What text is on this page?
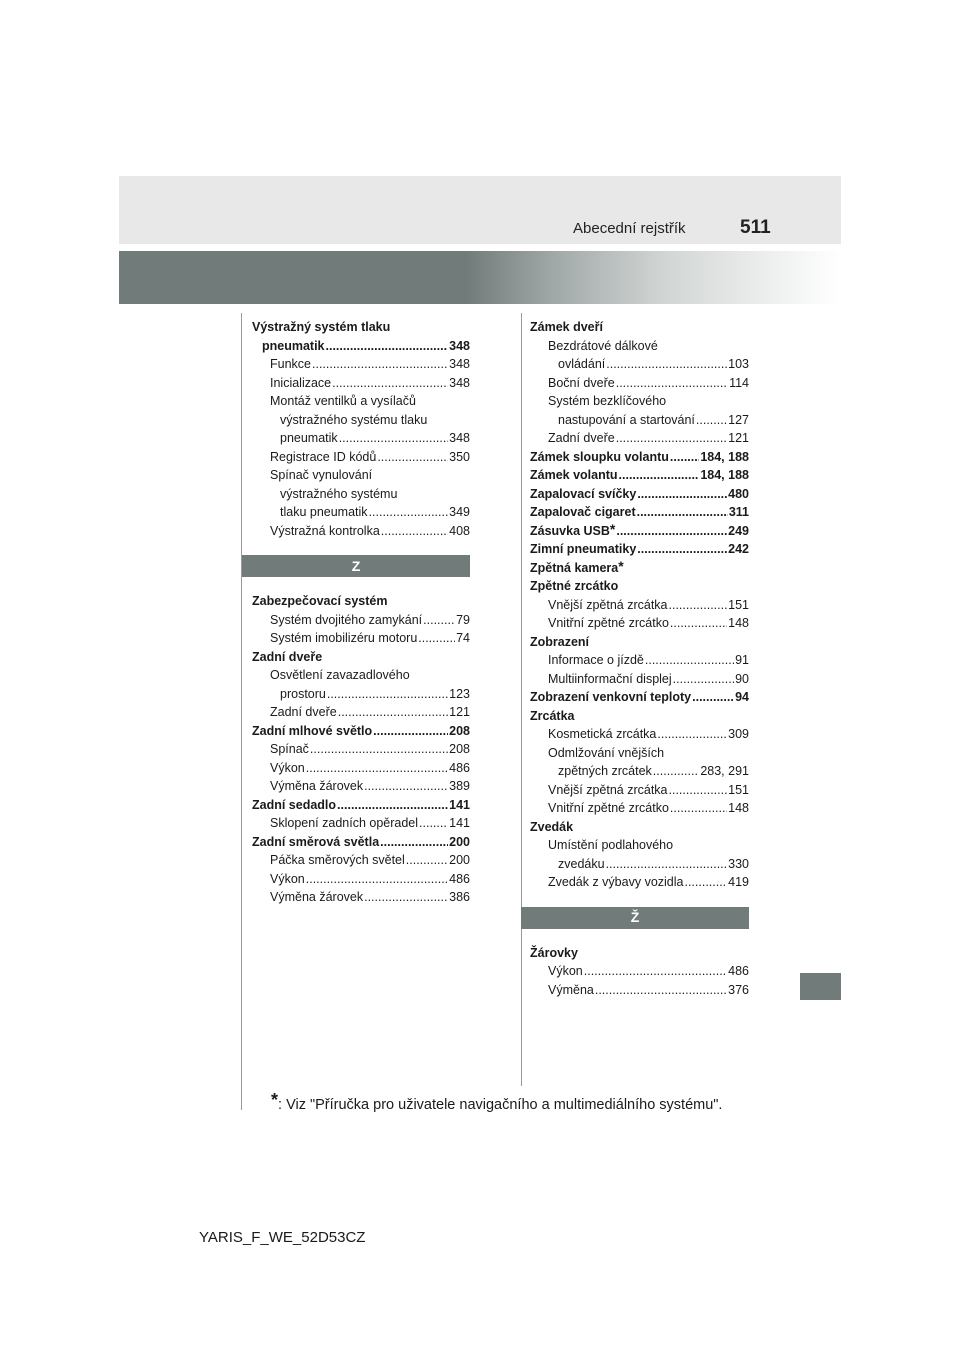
Abecední rejstřík	511
Výstražný systém tlaku
pneumatik .....	348
Funkce .....	348
Inicializace .....	348
Montáž ventilků a vysílačů
výstražného systému tlaku
pneumatik .....	348
Registrace ID kódů .....	350
Spínač vynulování
výstražného systému
tlaku pneumatik .....	349
Výstražná kontrolka .....	408
Z
Zabezpečovací systém
Systém dvojitého zamykání .....	79
Systém imobilizéru motoru .....	74
Zadní dveře
Osvětlení zavazadlového
prostoru .....	123
Zadní dveře .....	121
Zadní mlhové světlo .....	208
Spínač .....	208
Výkon .....	486
Výměna žárovek .....	389
Zadní sedadlo .....	141
Sklopení zadních opěradel ..... 141
Zadní směrová světla .....	200
Páčka směrových světel .....	200
Výkon .....	486
Výměna žárovek .....	386
Zámek dveří
Bezdrátové dálkové
ovládání .....	103
Boční dveře .....	114
Systém bezklíčového
nastupování a startování .....	127
Zadní dveře .....	121
Zámek sloupku volantu .....	184, 188
Zámek volantu .....	184, 188
Zapalovací svíčky .....	480
Zapalovač cigaret .....	311
Zásuvka USB* .....	249
Zimní pneumatiky .....	242
Zpětná kamera*
Zpětné zrcátko
Vnější zpětná zrcátka .....	151
Vnitřní zpětné zrcátko .....	148
Zobrazení
Informace o jízdě .....	91
Multiinformační displej .....	90
Zobrazení venkovní teploty .....	94
Zrcátka
Kosmetická zrcátka .....	309
Odmlžování vnějších
zpětných zrcátek .....	283, 291
Vnější zpětná zrcátka .....	151
Vnitřní zpětné zrcátko .....	148
Zvedák
Umístění podlahového
zvedáku .....	330
Zvedák z výbavy vozidla .....	419
Ž
Žárovky
Výkon .....	486
Výměna .....	376
*: Viz "Příručka pro uživatele navigačního a multimediálního systému".
YARIS_F_WE_52D53CZ
